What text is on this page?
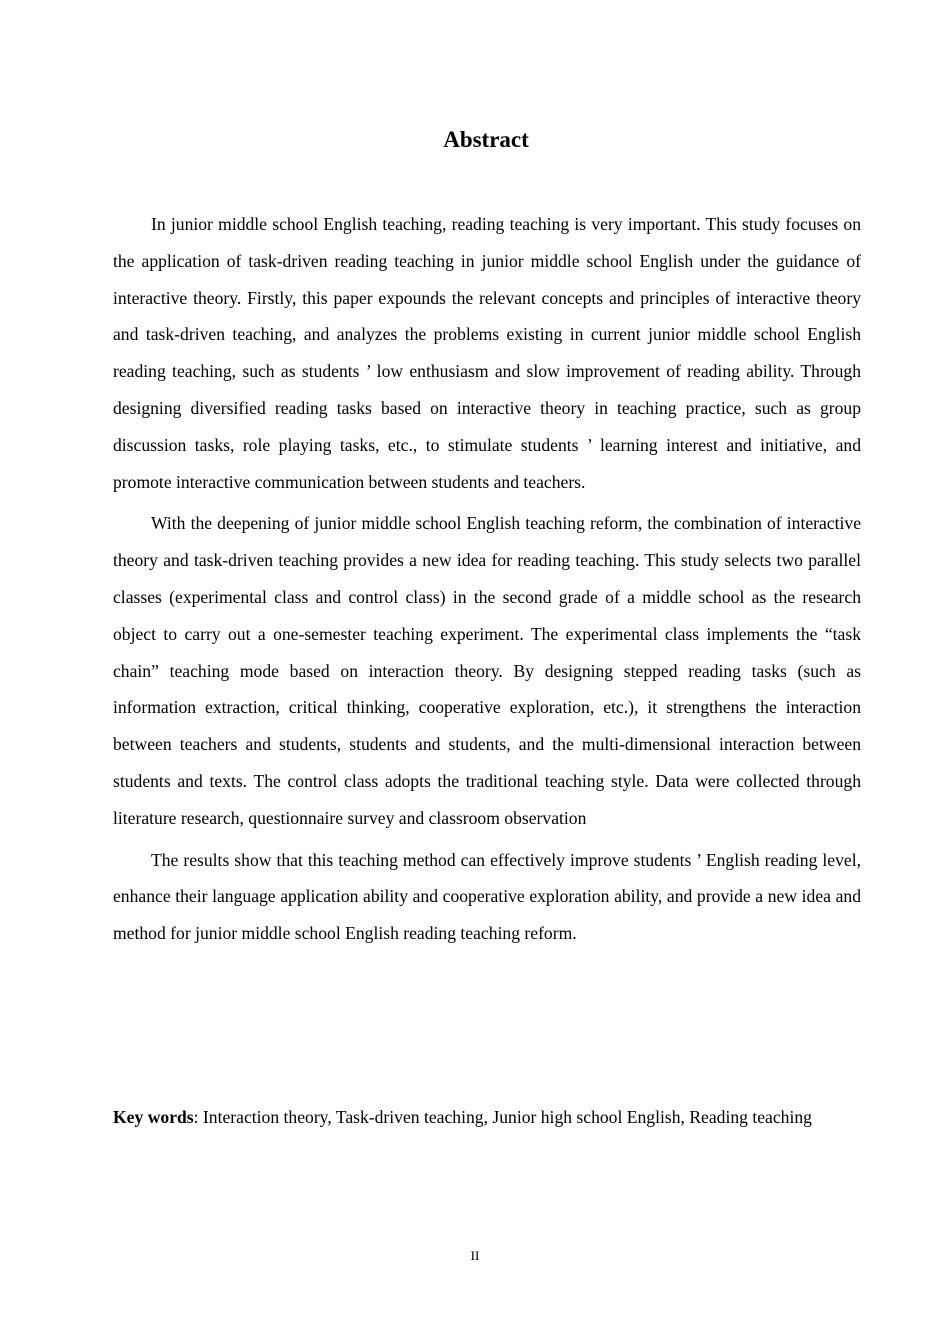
Abstract

In junior middle school English teaching, reading teaching is very important. This study focuses on the application of task-driven reading teaching in junior middle school English under the guidance of interactive theory. Firstly, this paper expounds the relevant concepts and principles of interactive theory and task-driven teaching, and analyzes the problems existing in current junior middle school English reading teaching, such as students ’ low enthusiasm and slow improvement of reading ability. Through designing diversified reading tasks based on interactive theory in teaching practice, such as group discussion tasks, role playing tasks, etc., to stimulate students ’ learning interest and initiative, and promote interactive communication between students and teachers.

With the deepening of junior middle school English teaching reform, the combination of interactive theory and task-driven teaching provides a new idea for reading teaching. This study selects two parallel classes (experimental class and control class) in the second grade of a middle school as the research object to carry out a one-semester teaching experiment. The experimental class implements the “task chain” teaching mode based on interaction theory. By designing stepped reading tasks (such as information extraction, critical thinking, cooperative exploration, etc.), it strengthens the interaction between teachers and students, students and students, and the multi-dimensional interaction between students and texts. The control class adopts the traditional teaching style. Data were collected through literature research, questionnaire survey and classroom observation

The results show that this teaching method can effectively improve students ’ English reading level, enhance their language application ability and cooperative exploration ability, and provide a new idea and method for junior middle school English reading teaching reform.

Key words: Interaction theory, Task-driven teaching, Junior high school English, Reading teaching

II
